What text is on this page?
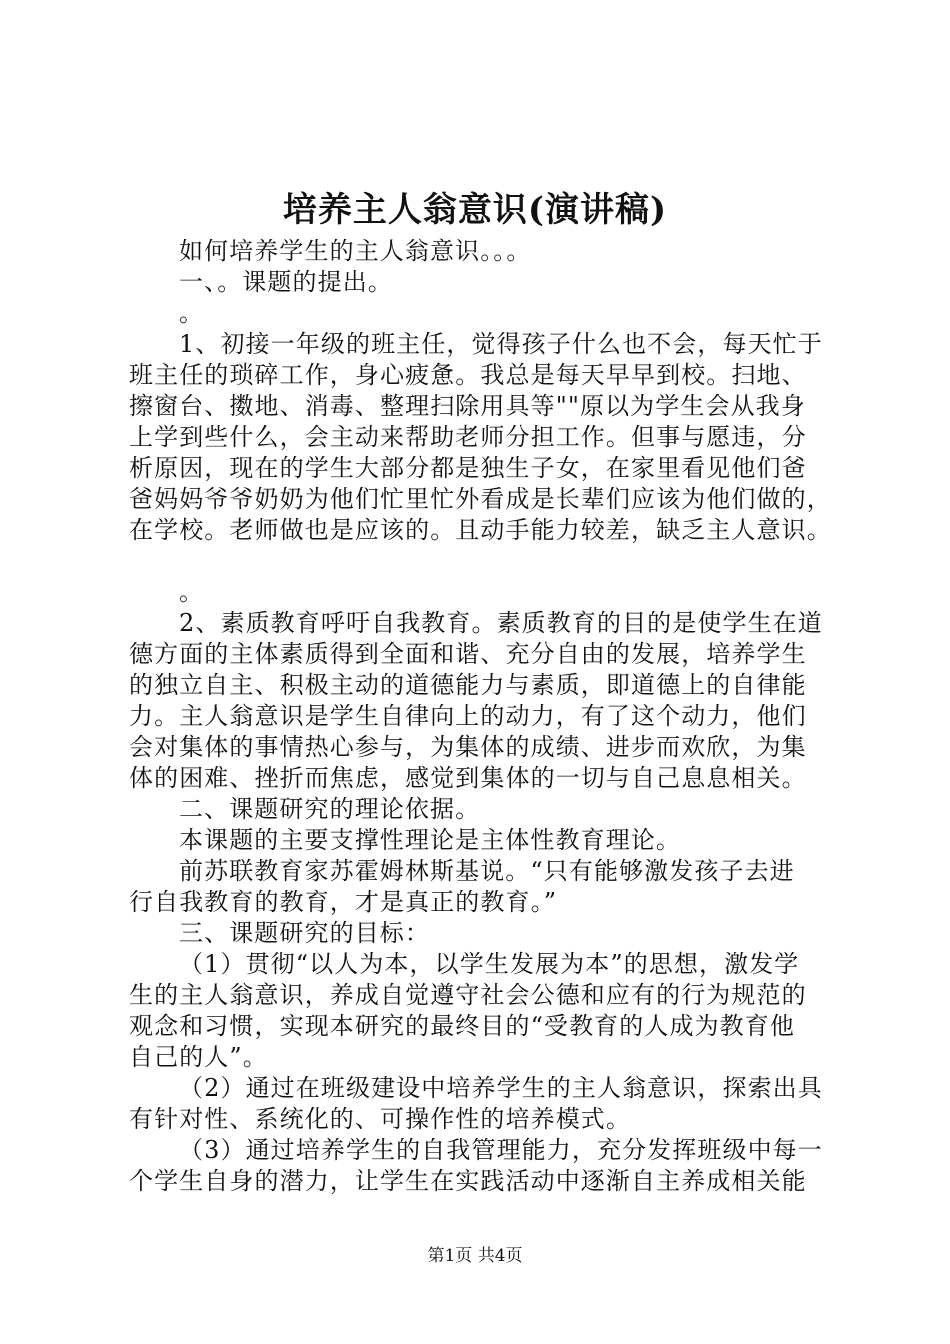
培养主人翁意识(演讲稿)
如何培养学生的主人翁意识。。。
一、。课题的提出。
。
1、初接一年级的班主任，觉得孩子什么也不会，每天忙于
班主任的琐碎工作，身心疲惫。我总是每天早早到校。扫地、
擦窗台、擞地、消毒、整理扫除用具等""原以为学生会从我身
上学到些什么，会主动来帮助老师分担工作。但事与愿违，分
析原因，现在的学生大部分都是独生子女，在家里看见他们爸
爸妈妈爷爷奶奶为他们忙里忙外看成是长辈们应该为他们做的，
在学校。老师做也是应该的。且动手能力较差，缺乏主人意识。
。
2、素质教育呼吁自我教育。素质教育的目的是使学生在道
德方面的主体素质得到全面和谐、充分自由的发展，培养学生
的独立自主、积极主动的道德能力与素质，即道德上的自律能
力。主人翁意识是学生自律向上的动力，有了这个动力，他们
会对集体的事情热心参与，为集体的成绩、进步而欢欣，为集
体的困难、挫折而焦虑，感觉到集体的一切与自己息息相关。
二、课题研究的理论依据。
本课题的主要支撑性理论是主体性教育理论。
前苏联教育家苏霍姆林斯基说。“只有能够激发孩子去进
行自我教育的教育，才是真正的教育。”
三、课题研究的目标：
（1）贯彻“以人为本，以学生发展为本”的思想，激发学
生的主人翁意识，养成自觉遵守社会公德和应有的行为规范的
观念和习惯，实现本研究的最终目的“受教育的人成为教育他
自己的人”。
（2）通过在班级建设中培养学生的主人翁意识，探索出具
有针对性、系统化的、可操作性的培养模式。
（3）通过培养学生的自我管理能力，充分发挥班级中每一
个学生自身的潜力，让学生在实践活动中逐渐自主养成相关能
第1页 共4页
